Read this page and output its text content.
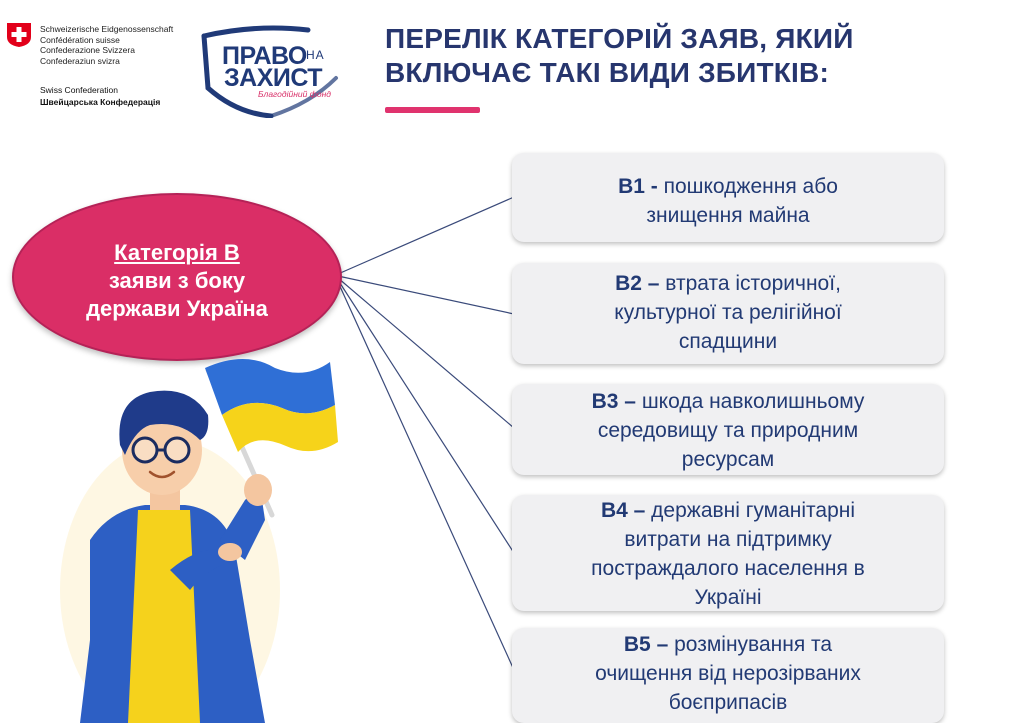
Schweizerische Eidgenossenschaft
Confédération suisse
Confederazione Svizzera
Confederaziun svizra
Swiss Confederation
Швейцарська Конфедерація
ПРАВО НА
ЗАХИСТ
Благодійний фонд
ПЕРЕЛІК КАТЕГОРІЙ ЗАЯВ, ЯКИЙ
ВКЛЮЧАЄ ТАКІ ВИДИ ЗБИТКІВ:
Категорія В
заяви з боку
держави Україна
В1 - пошкодження або
знищення майна
В2 – втрата історичної,
культурної та релігійної
спадщини
В3 – шкода навколишньому
середовищу та природним
ресурсам
В4 – державні гуманітарні
витрати на підтримку
постраждалого населення в
Україні
В5 – розмінування та
очищення від нерозірваних
боєприпасів
